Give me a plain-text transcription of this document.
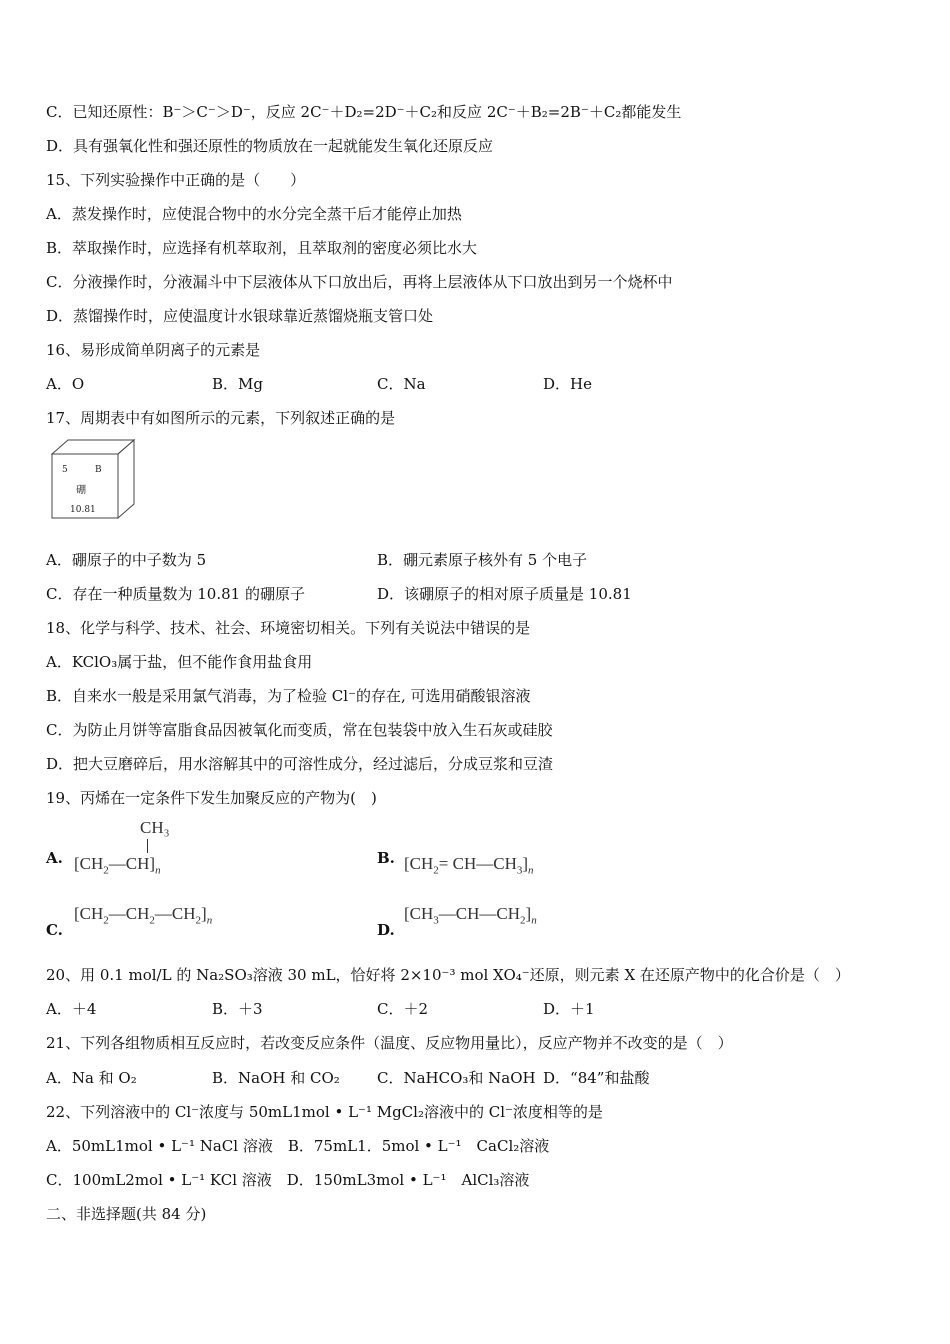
C．已知还原性：B⁻＞C⁻＞D⁻，反应 2C⁻＋D₂=2D⁻＋C₂和反应 2C⁻＋B₂=2B⁻＋C₂都能发生
D．具有强氧化性和强还原性的物质放在一起就能发生氧化还原反应
15、下列实验操作中正确的是（　　）
A．蒸发操作时，应使混合物中的水分完全蒸干后才能停止加热
B．萃取操作时，应选择有机萃取剂，且萃取剂的密度必须比水大
C．分液操作时，分液漏斗中下层液体从下口放出后，再将上层液体从下口放出到另一个烧杯中
D．蒸馏操作时，应使温度计水银球靠近蒸馏烧瓶支管口处
16、易形成简单阴离子的元素是
A．O	B．Mg	C．Na	D．He
17、周期表中有如图所示的元素，下列叙述正确的是
5	B
硼
10.81
A．硼原子的中子数为 5	B．硼元素原子核外有 5 个电子
C．存在一种质量数为 10.81 的硼原子	D．该硼原子的相对原子质量是 10.81
18、化学与科学、技术、社会、环境密切相关。下列有关说法中错误的是
A．KClO₃属于盐，但不能作食用盐食用
B．自来水一般是采用氯气消毒，为了检验 Cl⁻的存在, 可选用硝酸银溶液
C．为防止月饼等富脂食品因被氧化而变质，常在包装袋中放入生石灰或硅胶
D．把大豆磨碎后，用水溶解其中的可溶性成分，经过滤后，分成豆浆和豆渣
19、丙烯在一定条件下发生加聚反应的产物为(　)
A.
CH₃
$[CH_2—CH]_n$
B. [$CH_2=$ $CH—CH_3]_n$
C.
$[CH_2—CH_2—CH_2]_n$
D.
$[CH_3—CH—CH_2]_n$
20、用 0.1 mol/L 的 Na₂SO₃溶液 30 mL，恰好将 2×10⁻³ mol XO₄⁻还原，则元素 X 在还原产物中的化合价是（　）
A．＋4	B．＋3	C．＋2	D．＋1
21、下列各组物质相互反应时，若改变反应条件（温度、反应物用量比），反应产物并不改变的是（　）
A．Na 和 O₂	B．NaOH 和 CO₂ C．NaHCO₃和 NaOH D．“84”和盐酸
22、下列溶液中的 Cl⁻浓度与 50mL1mol • L⁻¹ MgCl₂溶液中的 Cl⁻浓度相等的是
A．50mL1mol • L⁻¹ NaCl 溶液　B．75mL1．5mol • L⁻¹　CaCl₂溶液
C．100mL2mol • L⁻¹ KCl 溶液　D．150mL3mol • L⁻¹　AlCl₃溶液
二、非选择题(共 84 分)
